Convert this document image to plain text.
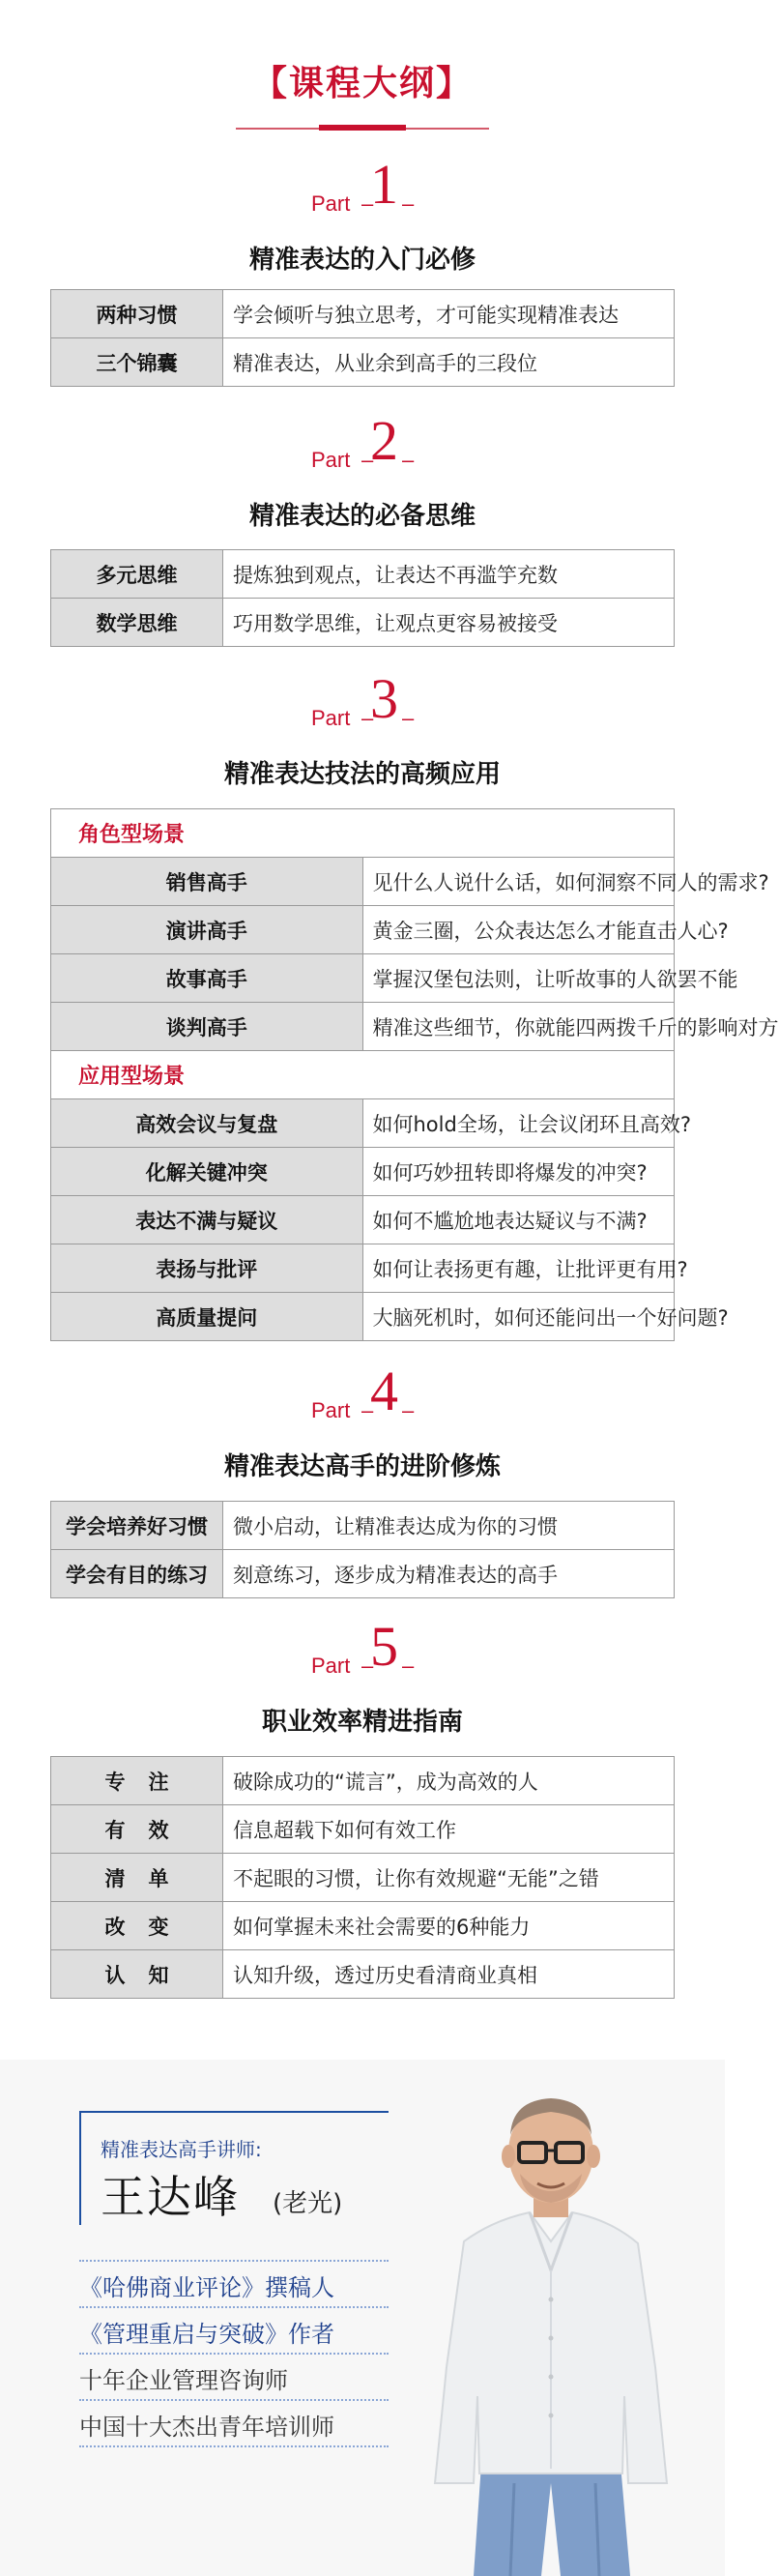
【课程大纲】
Part –
1 –
精准表达的入门必修
两种习惯	学会倾听与独立思考，才可能实现精准表达
三个锦囊	精准表达，从业余到高手的三段位
Part –
2 –
精准表达的必备思维
多元思维	提炼独到观点，让表达不再滥竽充数
数学思维	巧用数学思维，让观点更容易被接受
Part –
3 –
精准表达技法的高频应用
角色型场景	
销售高手	见什么人说什么话，如何洞察不同人的需求?
演讲高手	黄金三圈，公众表达怎么才能直击人心?
故事高手	掌握汉堡包法则，让听故事的人欲罢不能
谈判高手	精准这些细节，你就能四两拨千斤的影响对方
应用型场景	
高效会议与复盘	如何hold全场，让会议闭环且高效?
化解关键冲突	如何巧妙扭转即将爆发的冲突?
表达不满与疑议	如何不尴尬地表达疑议与不满?
表扬与批评	如何让表扬更有趣，让批评更有用?
高质量提问	大脑死机时，如何还能问出一个好问题?
Part –
4 –
精准表达高手的进阶修炼
学会培养好习惯	微小启动，让精准表达成为你的习惯
学会有目的练习	刻意练习，逐步成为精准表达的高手
Part –
5 –
职业效率精进指南
专注	破除成功的“谎言”，成为高效的人
有效	信息超载下如何有效工作
清单	不起眼的习惯，让你有效规避“无能”之错
改变	如何掌握未来社会需要的6种能力
认知	认知升级，透过历史看清商业真相
精准表达高手讲师:
王达峰 (老光)
《哈佛商业评论》撰稿人
《管理重启与突破》作者
十年企业管理咨询师
中国十大杰出青年培训师
